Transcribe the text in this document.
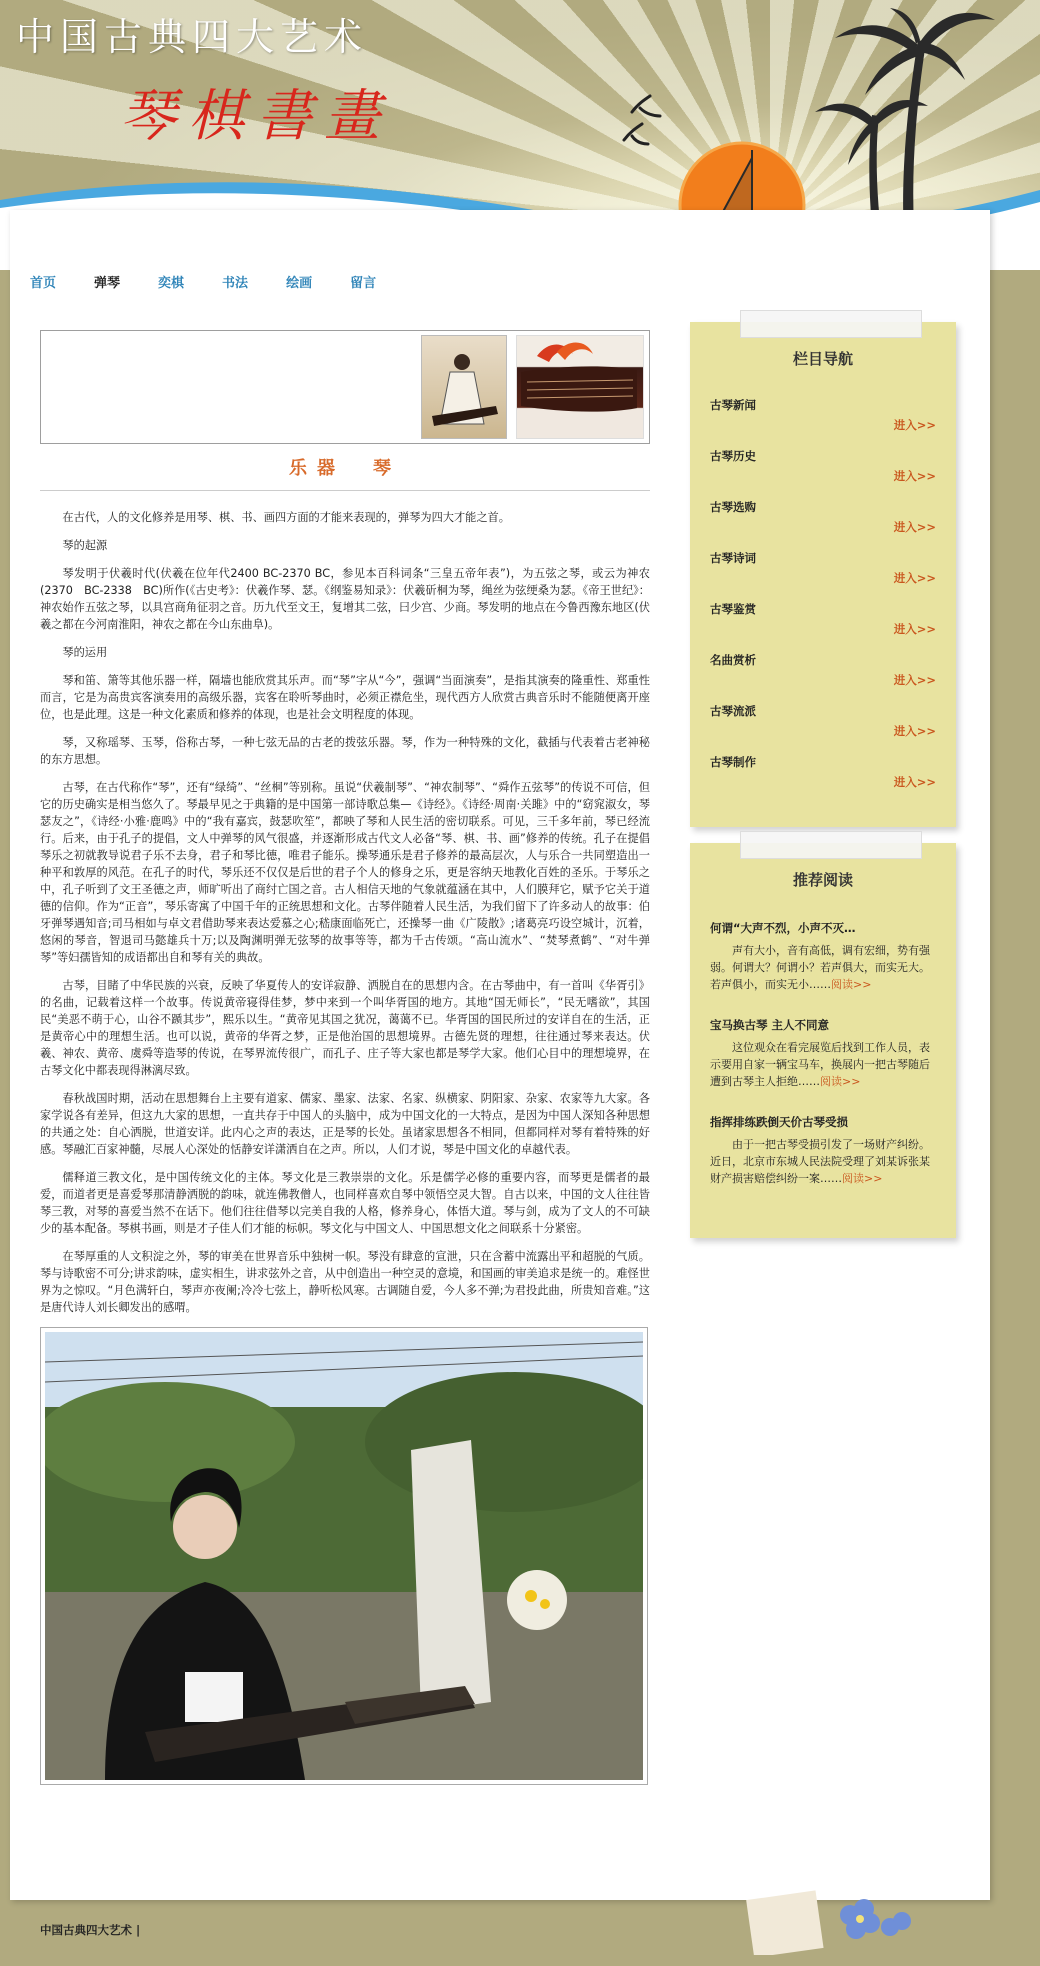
中国古典四大艺术
琴棋書畫
首页	弹琴	奕棋	书法	绘画	留言
乐器　琴

在古代，人的文化修养是用琴、棋、书、画四方面的才能来表现的，弹琴为四大才能之首。

琴的起源

琴发明于伏羲时代(伏羲在位年代2400 BC-2370 BC，参见本百科词条“三皇五帝年表”)，为五弦之琴，或云为神农(2370　BC-2338　BC)所作(《古史考》：伏羲作琴、瑟。《纲鉴易知录》：伏羲斫桐为琴，绳丝为弦绠桑为瑟。《帝王世纪》：神农始作五弦之琴，以具宫商角征羽之音。历九代至文王，复增其二弦，曰少宫、少商。琴发明的地点在今鲁西豫东地区(伏羲之都在今河南淮阳，神农之都在今山东曲阜)。

琴的运用

琴和笛、箫等其他乐器一样，隔墙也能欣赏其乐声。而“琴”字从“今”，强调“当面演奏”，是指其演奏的隆重性、郑重性而言，它是为高贵宾客演奏用的高级乐器，宾客在聆听琴曲时，必须正襟危坐，现代西方人欣赏古典音乐时不能随便离开座位，也是此理。这是一种文化素质和修养的体现，也是社会文明程度的体现。

琴，又称瑶琴、玉琴，俗称古琴，一种七弦无品的古老的拨弦乐器。琴，作为一种特殊的文化，截插与代表着古老神秘的东方思想。

古琴，在古代称作“琴”，还有“绿绮”、“丝桐”等别称。虽说“伏羲制琴”、“神农制琴”、“舜作五弦琴”的传说不可信，但它的历史确实是相当悠久了。琴最早见之于典籍的是中国第一部诗歌总集—《诗经》。《诗经·周南·关雎》中的“窈窕淑女，琴瑟友之”，《诗经·小雅·鹿鸣》中的“我有嘉宾，鼓瑟吹笙”，都映了琴和人民生活的密切联系。可见，三千多年前，琴已经流行。后来，由于孔子的提倡，文人中弹琴的风气很盛，并逐渐形成古代文人必备“琴、棋、书、画”修养的传统。孔子在提倡琴乐之初就教导说君子乐不去身，君子和琴比德，唯君子能乐。操琴通乐是君子修养的最高层次，人与乐合一共同塑造出一种平和敦厚的风范。在孔子的时代，琴乐还不仅仅是后世的君子个人的修身之乐，更是容纳天地教化百姓的圣乐。于琴乐之中，孔子听到了文王圣德之声，师旷听出了商纣亡国之音。古人相信天地的气象就蕴涵在其中，人们膜拜它，赋予它关于道德的信仰。作为“正音”，琴乐寄寓了中国千年的正统思想和文化。古琴伴随着人民生活，为我们留下了许多动人的故事：伯牙弹琴遇知音;司马相如与卓文君借助琴来表达爱慕之心;嵇康面临死亡，还操琴一曲《广陵散》;诸葛亮巧设空城计，沉着，悠闲的琴音，智退司马懿雄兵十万;以及陶渊明弹无弦琴的故事等等，都为千古传颂。“高山流水”、“焚琴煮鹤”、“对牛弹琴”等妇孺皆知的成语都出自和琴有关的典故。

古琴，目睹了中华民族的兴衰，反映了华夏传人的安详寂静、洒脱自在的思想内含。在古琴曲中，有一首叫《华胥引》的名曲，记载着这样一个故事。传说黄帝寝得佳梦，梦中来到一个叫华胥国的地方。其地“国无师长”，“民无嗜欲”，其国民“美恶不萌于心，山谷不踬其步”，熙乐以生。“黄帝见其国之犹况，蔼蔼不已。华胥国的国民所过的安详自在的生活，正是黄帝心中的理想生活。也可以说，黄帝的华胥之梦，正是他治国的思想境界。古德先贤的理想，往往通过琴来表达。伏羲、神农、黄帝、虞舜等造琴的传说，在琴界流传很广，而孔子、庄子等大家也都是琴学大家。他们心目中的理想境界，在古琴文化中都表现得淋漓尽致。

春秋战国时期，活动在思想舞台上主要有道家、儒家、墨家、法家、名家、纵横家、阴阳家、杂家、农家等九大家。各家学说各有差异，但这九大家的思想，一直共存于中国人的头脑中，成为中国文化的一大特点，是因为中国人深知各种思想的共通之处：自心洒脱，世道安详。此内心之声的表达，正是琴的长处。虽诸家思想各不相同，但都同样对琴有着特殊的好感。琴融汇百家神髓，尽展人心深处的恬静安详潇洒自在之声。所以，人们才说，琴是中国文化的卓越代表。

儒释道三教文化，是中国传统文化的主体。琴文化是三教崇崇的文化。乐是儒学必修的重要内容，而琴更是儒者的最爱，而道者更是喜爱琴那清静洒脱的韵味，就连佛教僧人，也同样喜欢自琴中领悟空灵大智。自古以来，中国的文人往往皆琴三教，对琴的喜爱当然不在话下。他们往往借琴以完美自我的人格，修养身心，体悟大道。琴与剑，成为了文人的不可缺少的基本配备。琴棋书画，则是才子佳人们才能的标帜。琴文化与中国文人、中国思想文化之间联系十分紧密。

在琴厚重的人文积淀之外，琴的审美在世界音乐中独树一帜。琴没有肆意的宣泄，只在含蓄中流露出平和超脱的气质。琴与诗歌密不可分;讲求韵味，虚实相生，讲求弦外之音，从中创造出一种空灵的意境，和国画的审美追求是统一的。难怪世界为之惊叹。“月色满轩白，琴声亦夜阑;冷冷七弦上，静听松风寒。古调随自爱，今人多不弹;为君投此曲，所贵知音难。”这是唐代诗人刘长卿发出的感喟。

栏目导航
古琴新闻
进入>>
古琴历史
进入>>
古琴选购
进入>>
古琴诗词
进入>>
古琴鉴赏
进入>>
名曲赏析
进入>>
古琴流派
进入>>
古琴制作
进入>>
推荐阅读
何谓“大声不烈，小声不灭…

声有大小，音有高低，调有宏细，势有强弱。何谓大？何谓小？若声俱大，而实无大。若声俱小，而实无小……阅读>>

宝马换古琴 主人不同意

这位观众在看完展览后找到工作人员，表示要用自家一辆宝马车，换展内一把古琴随后遭到古琴主人拒绝……阅读>>

指挥排练跌倒天价古琴受损

由于一把古琴受损引发了一场财产纠纷。近日，北京市东城人民法院受理了刘某诉张某财产损害赔偿纠纷一案……阅读>>

中国古典四大艺术 |
